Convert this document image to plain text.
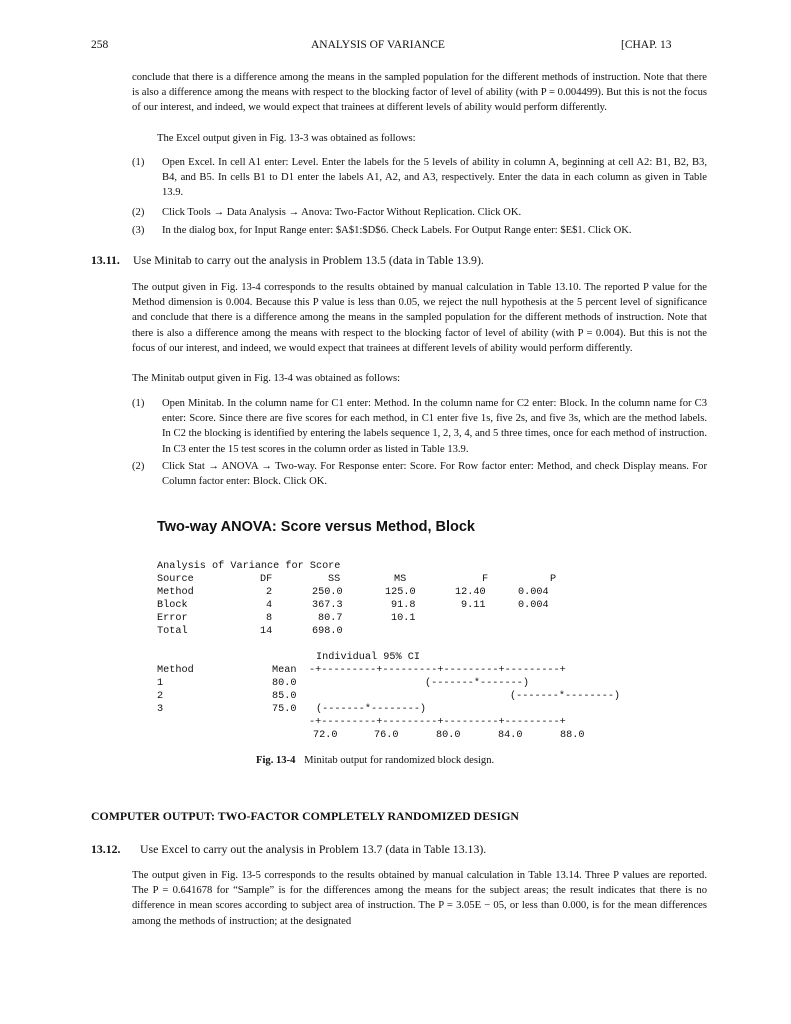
258	ANALYSIS OF VARIANCE	[CHAP. 13

conclude that there is a difference among the means in the sampled population for the different methods of instruction. Note that there is also a difference among the means with respect to the blocking factor of level of ability (with P = 0.004499). But this is not the focus of our interest, and indeed, we would expect that trainees at different levels of ability would perform differently.

The Excel output given in Fig. 13-3 was obtained as follows:

(1) Open Excel. In cell A1 enter: Level. Enter the labels for the 5 levels of ability in column A, beginning at cell A2: B1, B2, B3, B4, and B5. In cells B1 to D1 enter the labels A1, A2, and A3, respectively. Enter the data in each column as given in Table 13.9.

(2) Click Tools → Data Analysis → Anova: Two-Factor Without Replication. Click OK.

(3) In the dialog box, for Input Range enter: $A$1:$D$6. Check Labels. For Output Range enter: $E$1. Click OK.

13.11. Use Minitab to carry out the analysis in Problem 13.5 (data in Table 13.9).

The output given in Fig. 13-4 corresponds to the results obtained by manual calculation in Table 13.10. The reported P value for the Method dimension is 0.004. Because this P value is less than 0.05, we reject the null hypothesis at the 5 percent level of significance and conclude that there is a difference among the means in the sampled population for the different methods of instruction. Note that there is also a difference among the means with respect to the blocking factor of level of ability (with P = 0.004). But this is not the focus of our interest, and indeed, we would expect that trainees at different levels of ability would perform differently.

The Minitab output given in Fig. 13-4 was obtained as follows:

(1) Open Minitab. In the column name for C1 enter: Method. In the column name for C2 enter: Block. In the column name for C3 enter: Score. Since there are five scores for each method, in C1 enter five 1s, five 2s, and five 3s, which are the method labels. In C2 the blocking is identified by entering the labels sequence 1, 2, 3, 4, and 5 three times, once for each method of instruction. In C3 enter the 15 test scores in the column order as listed in Table 13.9.

(2) Click Stat → ANOVA → Two-way. For Response enter: Score. For Row factor enter: Method, and check Display means. For Column factor enter: Block. Click OK.

Two-way ANOVA: Score versus Method, Block
Analysis of Variance for Score
Source	DF	SS	MS	F	P
Method	2	250.0	125.0	12.40	0.004
Block	4	367.3	91.8	9.11	0.004
Error	8	80.7	10.1
Total	14	698.0
Individual 95% CI
Method	Mean -+---------+---------+---------+---------+
1	80.0	(-------*-------)
2	85.0	(-------*--------)
3	75.0 (-------*--------)
-+---------+---------+---------+---------+
72.0	76.0	80.0	84.0	88.0
Fig. 13-4 Minitab output for randomized block design.
COMPUTER OUTPUT: TWO-FACTOR COMPLETELY RANDOMIZED DESIGN
13.12. Use Excel to carry out the analysis in Problem 13.7 (data in Table 13.13).

The output given in Fig. 13-5 corresponds to the results obtained by manual calculation in Table 13.14. Three P values are reported. The P = 0.641678 for “Sample” is for the differences among the means for the subject areas; the result indicates that there is no difference in mean scores according to subject area of instruction. The P = 3.05E − 05, or less than 0.000, is for the mean differences among the methods of instruction; at the designated
